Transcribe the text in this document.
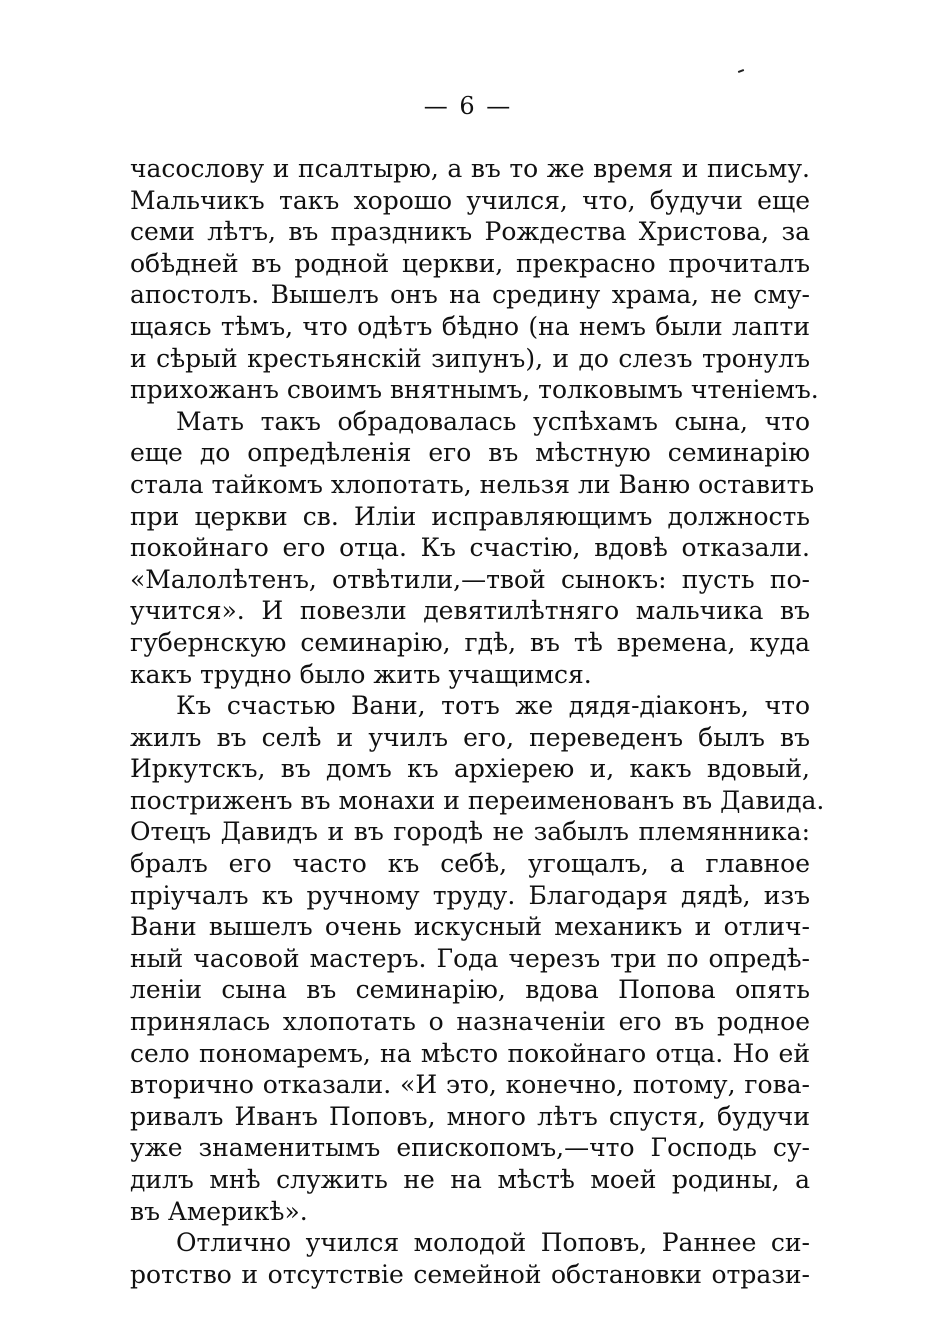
— 6 —
часослову и псалтырю, а въ то же время и письму.
Мальчикъ такъ хорошо учился, что, будучи еще
семи лѣтъ, въ праздникъ Рождества Христова, за
обѣдней въ родной церкви, прекрасно прочиталъ
апостолъ. Вышелъ онъ на средину храма, не сму-
щаясь тѣмъ, что одѣтъ бѣдно (на немъ были лапти
и сѣрый крестьянскій зипунъ), и до слезъ тронулъ
прихожанъ своимъ внятнымъ, толковымъ чтеніемъ.
Мать такъ обрадовалась успѣхамъ сына, что
еще до опредѣленія его въ мѣстную семинарію
стала тайкомъ хлопотать, нельзя ли Ваню оставить
при церкви св. Иліи исправляющимъ должность
покойнаго его отца. Къ счастію, вдовѣ отказали.
«Малолѣтенъ, отвѣтили,—твой сынокъ: пусть по-
учится». И повезли девятилѣтняго мальчика въ
губернскую семинарію, гдѣ, въ тѣ времена, куда
какъ трудно было жить учащимся.
Къ счастью Вани, тотъ же дядя-діаконъ, что
жилъ въ селѣ и училъ его, переведенъ былъ въ
Иркутскъ, въ домъ къ архіерею и, какъ вдовый,
постриженъ въ монахи и переименованъ въ Давида.
Отецъ Давидъ и въ городѣ не забылъ племянника:
бралъ его часто къ себѣ, угощалъ, а главное
пріучалъ къ ручному труду. Благодаря дядѣ, изъ
Вани вышелъ очень искусный механикъ и отлич-
ный часовой мастеръ. Года черезъ три по опредѣ-
леніи сына въ семинарію, вдова Попова опять
принялась хлопотать о назначеніи его въ родное
село пономаремъ, на мѣсто покойнаго отца. Но ей
вторично отказали. «И это, конечно, потому, гова-
ривалъ Иванъ Поповъ, много лѣтъ спустя, будучи
уже знаменитымъ епископомъ,—что Господь су-
дилъ мнѣ служить не на мѣстѣ моей родины, а
въ Америкѣ».
Отлично учился молодой Поповъ, Раннее си-
ротство и отсутствіе семейной обстановки отрази-
